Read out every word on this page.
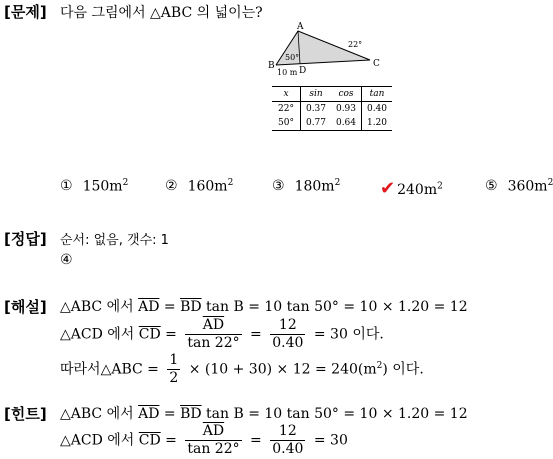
[문제] 다음 그림에서 △ABC 의 넓이는?
A
B	C
D
50°
22°
10 m
x	sin	cos	tan
22°	0.37	0.93	0.40
50°	0.77	0.64	1.20
① $150m^2$	② $160m^2$	③ $180m^2$ ✔ $240m^2$	⑤ $360m^2$
[정답] 순서: 없음, 갯수: 1
④
[해설] △ABC 에서 $\overline{AD} = \overline{BD}$ tan B = 10 tan 50° = 10 × 1.20 = 12
△ACD 에서 $\overline{CD} = \frac{\overline{AD}}{\tan 22^\circ} = \frac{12}{0.40} = 30$ 이다.
따라서△ABC = $\frac{1}{2} \times (10 + 30) \times 12 = 240(m^2)$ 이다.
[힌트] △ABC 에서 $\overline{AD} = \overline{BD}$ tan B = 10 tan 50° = 10 × 1.20 = 12
△ACD 에서 $\overline{CD} = \frac{\overline{AD}}{\tan 22^\circ} = \frac{12}{0.40} = 30$
